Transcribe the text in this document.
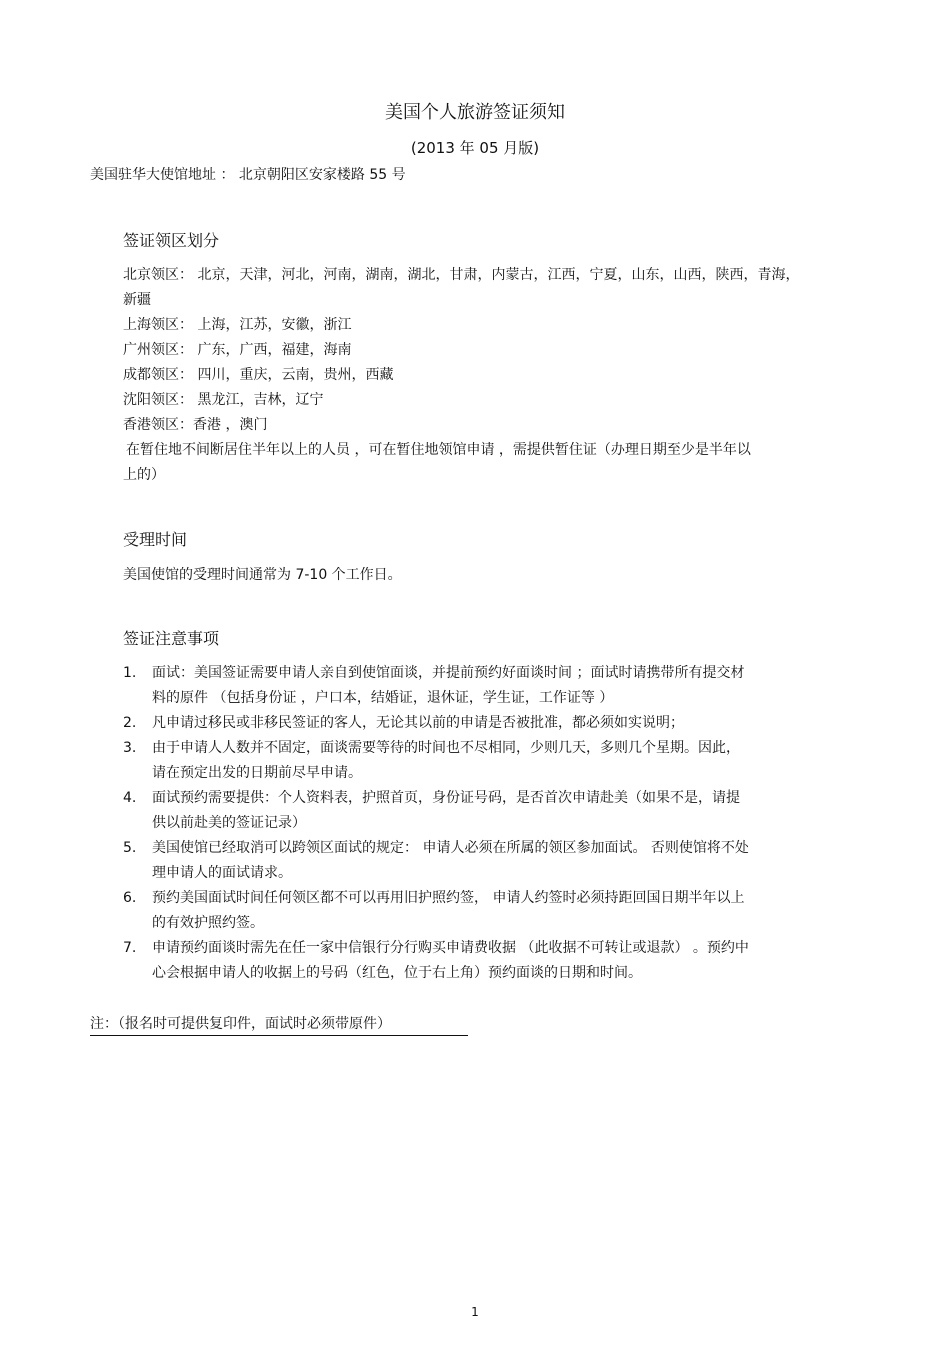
美国个人旅游签证须知
(2013 年 05 月版)
美国驻华大使馆地址 ： 北京朝阳区安家楼路 55 号
签证领区划分
北京领区： 北京，天津，河北，河南，湖南，湖北，甘肃，内蒙古，江西，宁夏，山东，山西，陕西，青海，
新疆
上海领区： 上海，江苏，安徽，浙江
广州领区： 广东，广西，福建，海南
成都领区： 四川，重庆，云南，贵州，西藏
沈阳领区： 黑龙江，吉林，辽宁
香港领区：香港 ，澳门
在暂住地不间断居住半年以上的人员 ，可在暂住地领馆申请 ，需提供暂住证（办理日期至少是半年以
上的）
受理时间
美国使馆的受理时间通常为 7-10 个工作日。
签证注意事项
1. 面试：美国签证需要申请人亲自到使馆面谈，并提前预约好面谈时间 ；面试时请携带所有提交材
料的原件 （包括身份证 ，户口本，结婚证，退休证，学生证，工作证等 ）
2. 凡申请过移民或非移民签证的客人，无论其以前的申请是否被批准，都必须如实说明；
3. 由于申请人人数并不固定，面谈需要等待的时间也不尽相同，少则几天，多则几个星期。因此，
请在预定出发的日期前尽早申请。
4. 面试预约需要提供：个人资料表，护照首页，身份证号码，是否首次申请赴美（如果不是，请提
供以前赴美的签证记录）
5. 美国使馆已经取消可以跨领区面试的规定： 申请人必须在所属的领区参加面试。 否则使馆将不处
理申请人的面试请求。
6. 预约美国面试时间任何领区都不可以再用旧护照约签， 申请人约签时必须持距回国日期半年以上
的有效护照约签。
7. 申请预约面谈时需先在任一家中信银行分行购买申请费收据 （此收据不可转让或退款） 。预约中
心会根据申请人的收据上的号码（红色，位于右上角）预约面谈的日期和时间。
注：（报名时可提供复印件，面试时必须带原件）
1
